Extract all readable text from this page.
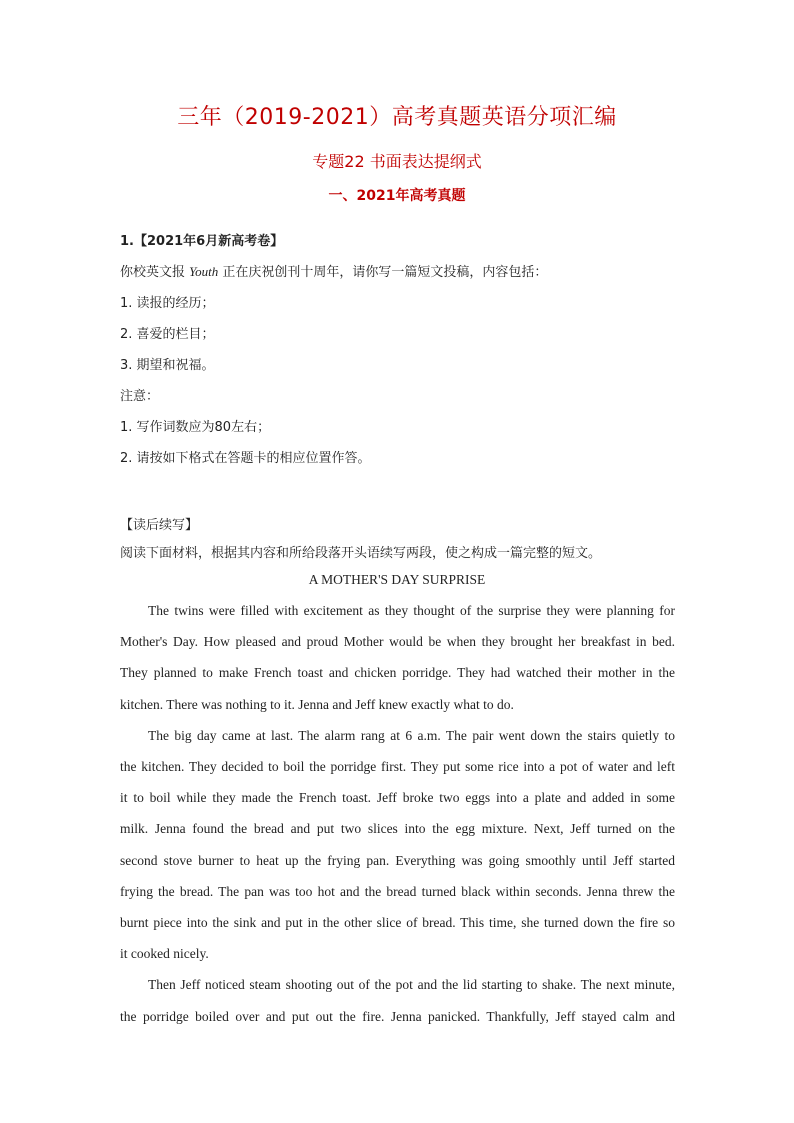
三年（2019-2021）高考真题英语分项汇编
专题22 书面表达提纲式
一、2021年高考真题
1.【2021年6月新高考卷】
你校英文报 Youth 正在庆祝创刊十周年，请你写一篇短文投稿，内容包括：
1. 读报的经历；
2. 喜爱的栏目；
3. 期望和祝福。
注意：
1. 写作词数应为80左右；
2. 请按如下格式在答题卡的相应位置作答。
【读后续写】
阅读下面材料，根据其内容和所给段落开头语续写两段，使之构成一篇完整的短文。
A MOTHER'S DAY SURPRISE
The twins were filled with excitement as they thought of the surprise they were planning for
Mother's Day. How pleased and proud Mother would be when they brought her breakfast in bed.
They planned to make French toast and chicken porridge. They had watched their mother in the
kitchen. There was nothing to it. Jenna and Jeff knew exactly what to do.
The big day came at last. The alarm rang at 6 a.m. The pair went down the stairs quietly to
the kitchen. They decided to boil the porridge first. They put some rice into a pot of water and left
it to boil while they made the French toast. Jeff broke two eggs into a plate and added in some
milk. Jenna found the bread and put two slices into the egg mixture. Next, Jeff turned on the
second stove burner to heat up the frying pan. Everything was going smoothly until Jeff started
frying the bread. The pan was too hot and the bread turned black within seconds. Jenna threw the
burnt piece into the sink and put in the other slice of bread. This time, she turned down the fire so
it cooked nicely.
Then Jeff noticed steam shooting out of the pot and the lid starting to shake. The next minute,
the porridge boiled over and put out the fire. Jenna panicked. Thankfully, Jeff stayed calm and
